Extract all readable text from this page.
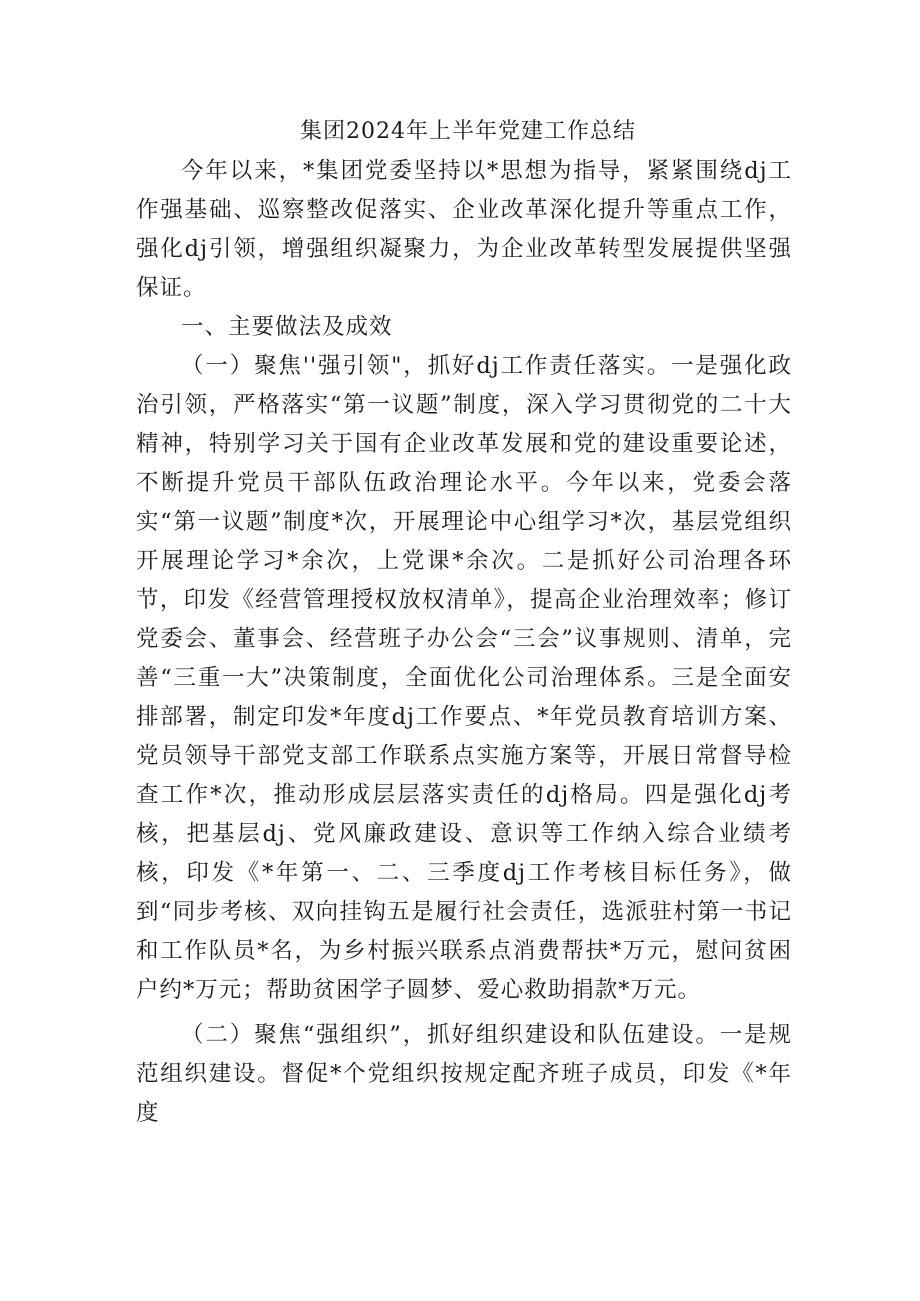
集团2024年上半年党建工作总结

今年以来，*集团党委坚持以*思想为指导，紧紧围绕dj工作强基础、巡察整改促落实、企业改革深化提升等重点工作，强化dj引领，增强组织凝聚力，为企业改革转型发展提供坚强保证。

一、主要做法及成效

（一）聚焦''强引领"，抓好dj工作责任落实。一是强化政治引领，严格落实“第一议题”制度，深入学习贯彻党的二十大精神，特别学习关于国有企业改革发展和党的建设重要论述，不断提升党员干部队伍政治理论水平。今年以来，党委会落实“第一议题”制度*次，开展理论中心组学习*次，基层党组织开展理论学习*余次，上党课*余次。二是抓好公司治理各环节，印发《经营管理授权放权清单》，提高企业治理效率；修订党委会、董事会、经营班子办公会“三会”议事规则、清单，完善“三重一大”决策制度，全面优化公司治理体系。三是全面安排部署，制定印发*年度dj工作要点、*年党员教育培训方案、党员领导干部党支部工作联系点实施方案等，开展日常督导检查工作*次，推动形成层层落实责任的dj格局。四是强化dj考核，把基层dj、党风廉政建设、意识等工作纳入综合业绩考核，印发《*年第一、二、三季度dj工作考核目标任务》，做到“同步考核、双向挂钩五是履行社会责任，选派驻村第一书记和工作队员*名，为乡村振兴联系点消费帮扶*万元，慰问贫困户约*万元；帮助贫困学子圆梦、爱心救助捐款*万元。

（二）聚焦“强组织”，抓好组织建设和队伍建设。一是规范组织建设。督促*个党组织按规定配齐班子成员，印发《*年度
